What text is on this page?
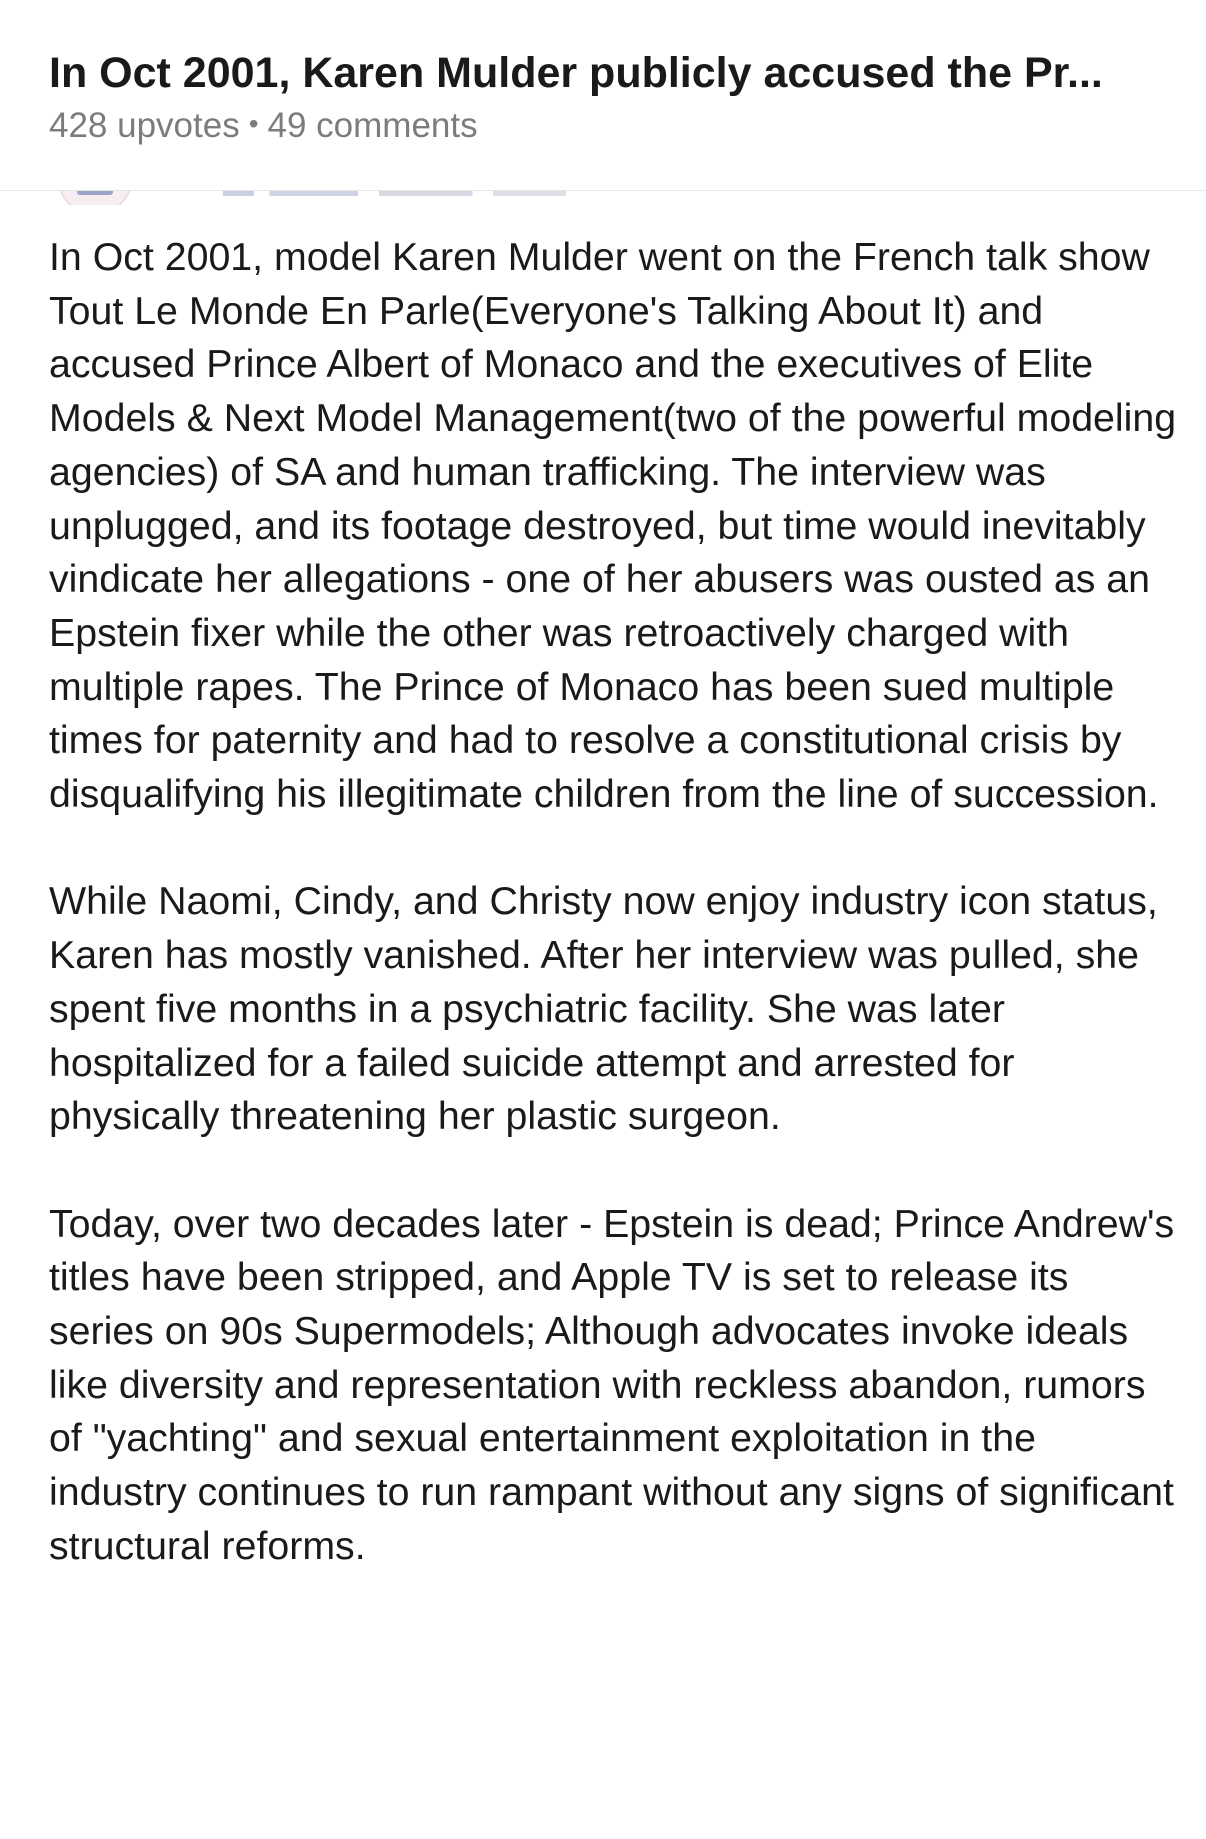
In Oct 2001, Karen Mulder publicly accused the Pr...
428 upvotes • 49 comments

In Oct 2001, model Karen Mulder went on the French talk show Tout Le Monde En Parle(Everyone's Talking About It) and accused Prince Albert of Monaco and the executives of Elite Models & Next Model Management(two of the powerful modeling agencies) of SA and human trafficking. The interview was unplugged, and its footage destroyed, but time would inevitably vindicate her allegations - one of her abusers was ousted as an Epstein fixer while the other was retroactively charged with multiple rapes. The Prince of Monaco has been sued multiple times for paternity and had to resolve a constitutional crisis by disqualifying his illegitimate children from the line of succession.

While Naomi, Cindy, and Christy now enjoy industry icon status, Karen has mostly vanished. After her interview was pulled, she spent five months in a psychiatric facility. She was later hospitalized for a failed suicide attempt and arrested for physically threatening her plastic surgeon.

Today, over two decades later - Epstein is dead; Prince Andrew's titles have been stripped, and Apple TV is set to release its series on 90s Supermodels; Although advocates invoke ideals like diversity and representation with reckless abandon, rumors of "yachting" and sexual entertainment exploitation in the industry continues to run rampant without any signs of significant structural reforms.
